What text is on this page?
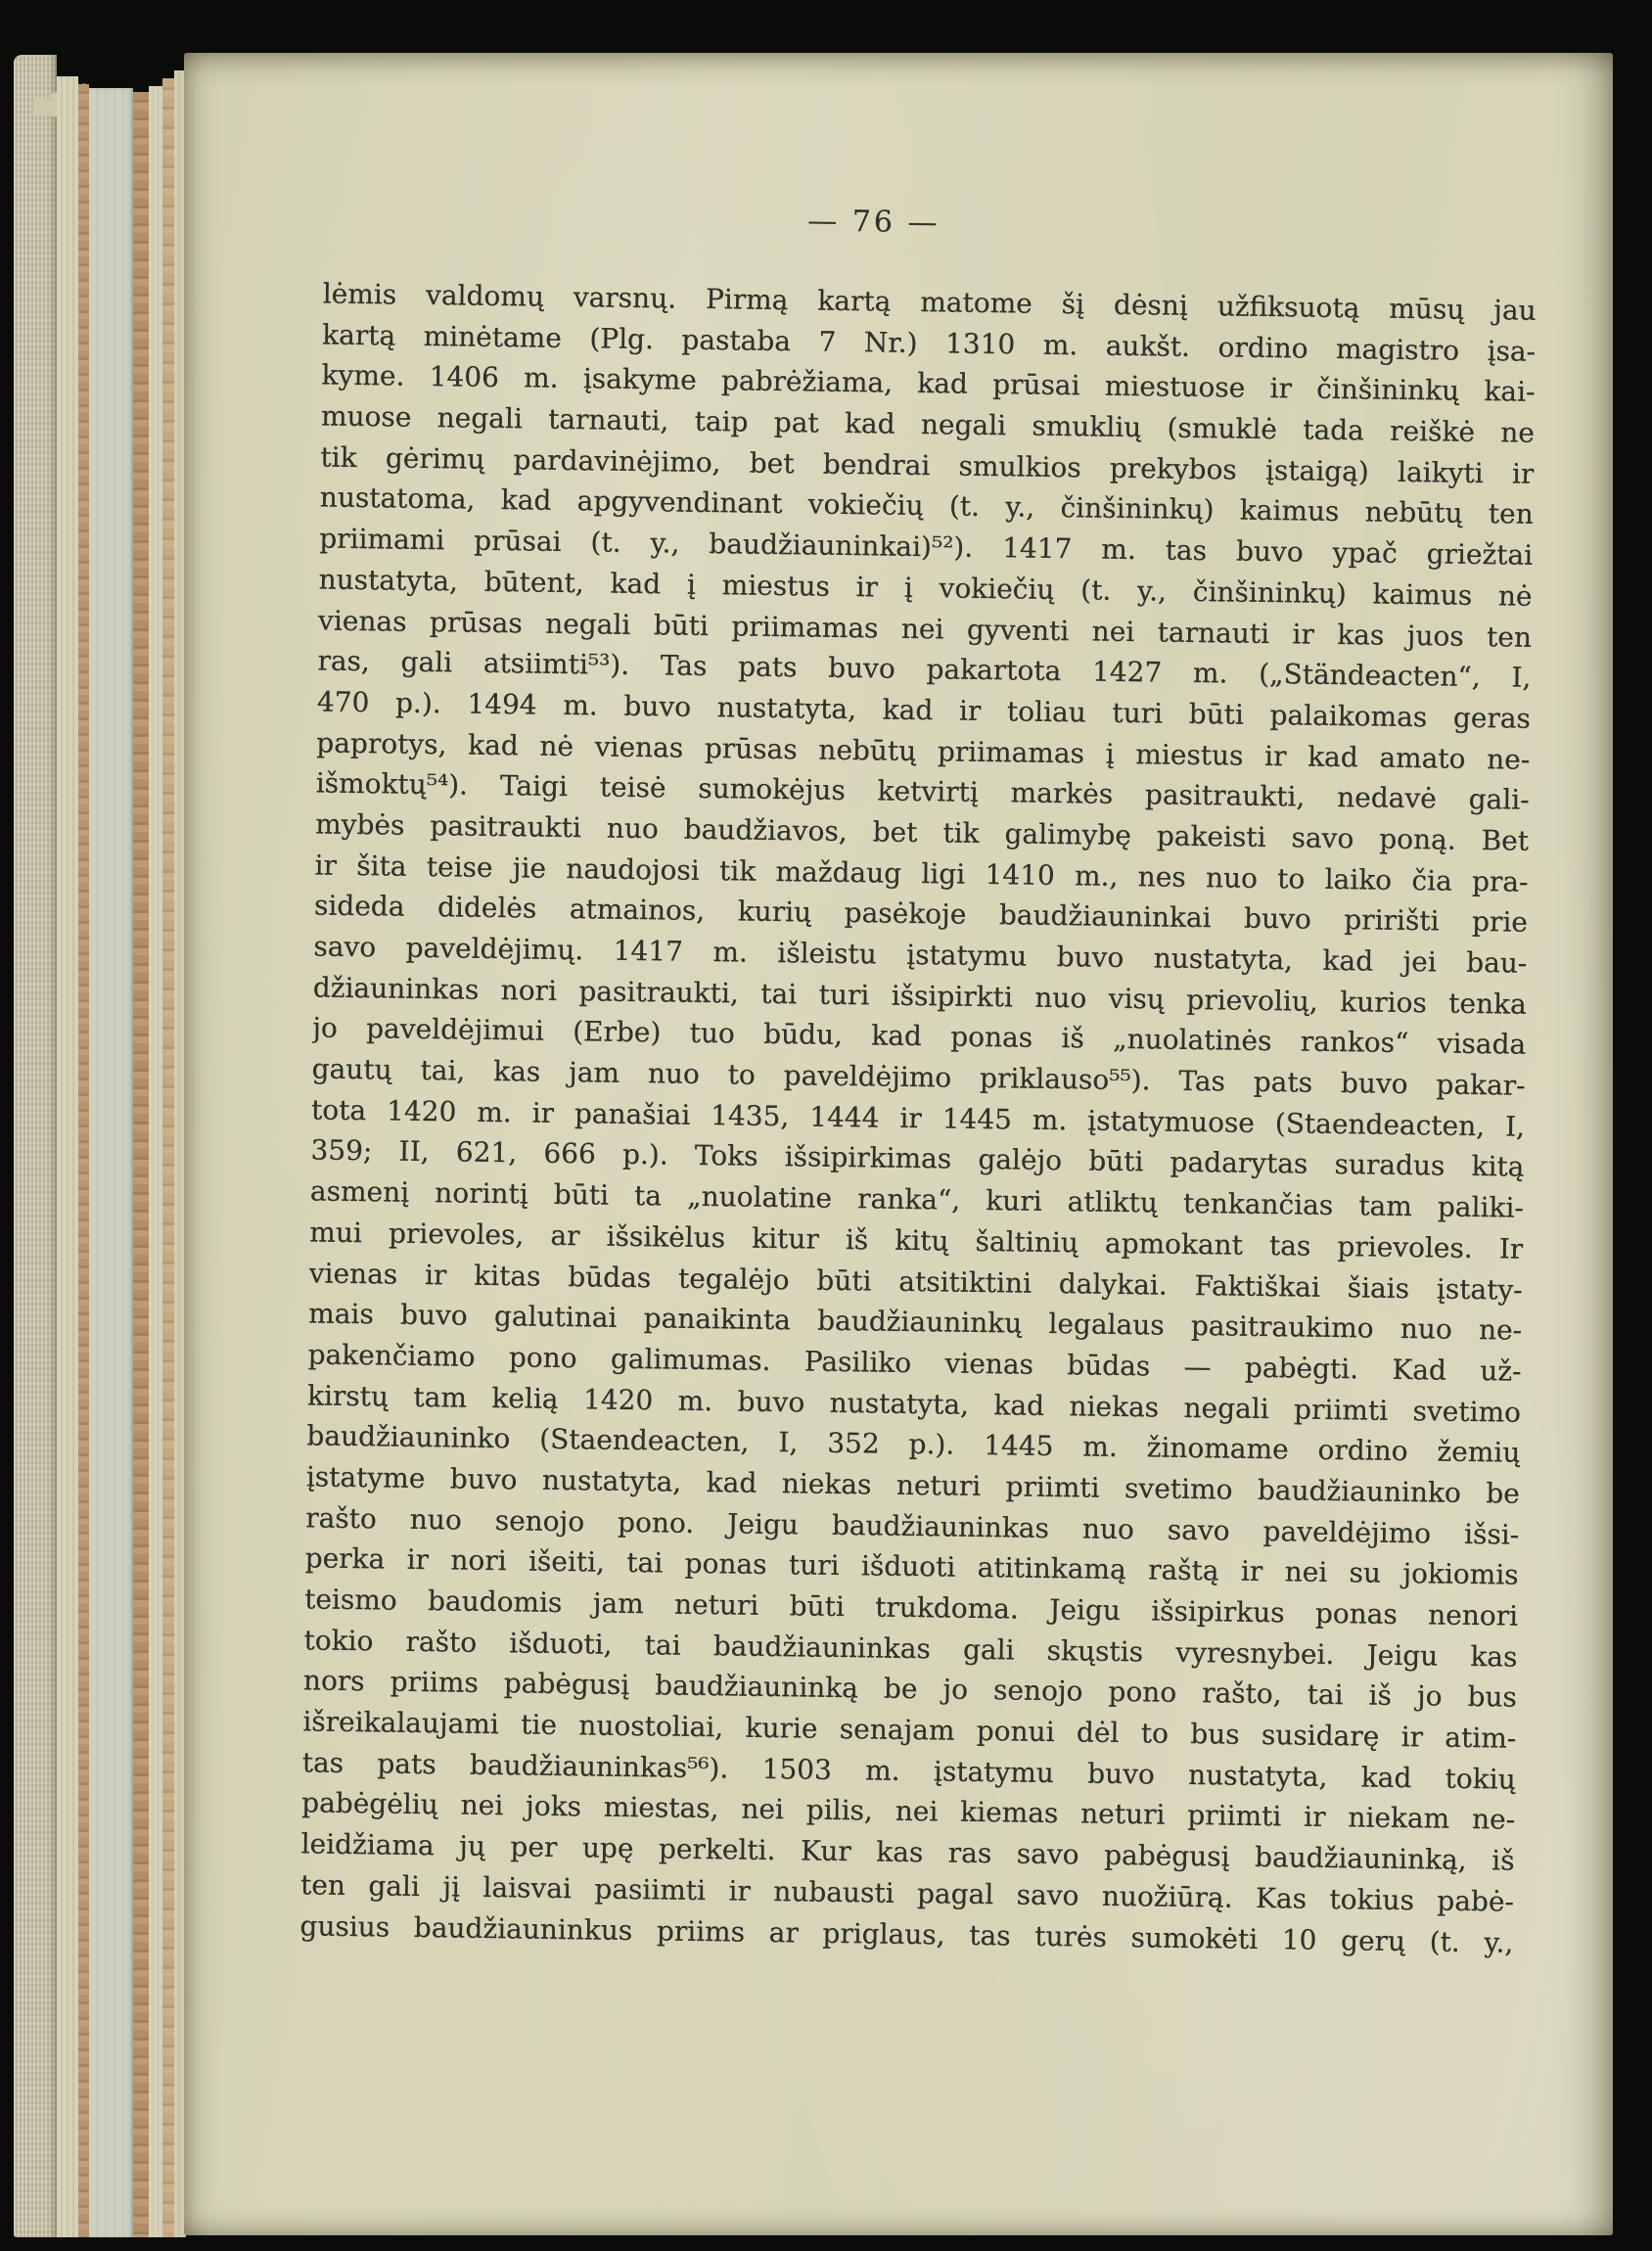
— 76 —
lėmis valdomų varsnų. Pirmą kartą matome šį dėsnį užfiksuotą mūsų jau
kartą minėtame (Plg. pastaba 7 Nr.) 1310 m. aukšt. ordino magistro įsa-
kyme. 1406 m. įsakyme pabrėžiama, kad prūsai miestuose ir činšininkų kai-
muose negali tarnauti, taip pat kad negali smuklių (smuklė tada reiškė ne
tik gėrimų pardavinėjimo, bet bendrai smulkios prekybos įstaigą) laikyti ir
nustatoma, kad apgyvendinant vokiečių (t. y., činšininkų) kaimus nebūtų ten
priimami prūsai (t. y., baudžiauninkai)⁵²). 1417 m. tas buvo ypač griežtai
nustatyta, būtent, kad į miestus ir į vokiečių (t. y., činšininkų) kaimus nė
vienas prūsas negali būti priimamas nei gyventi nei tarnauti ir kas juos ten
ras, gali atsiimti⁵³). Tas pats buvo pakartota 1427 m. („Ständeacten“, I,
470 p.). 1494 m. buvo nustatyta, kad ir toliau turi būti palaikomas geras
paprotys, kad nė vienas prūsas nebūtų priimamas į miestus ir kad amato ne-
išmoktų⁵⁴). Taigi teisė sumokėjus ketvirtį markės pasitraukti, nedavė gali-
mybės pasitraukti nuo baudžiavos, bet tik galimybę pakeisti savo poną. Bet
ir šita teise jie naudojosi tik maždaug ligi 1410 m., nes nuo to laiko čia pra-
sideda didelės atmainos, kurių pasėkoje baudžiauninkai buvo pririšti prie
savo paveldėjimų. 1417 m. išleistu įstatymu buvo nustatyta, kad jei bau-
džiauninkas nori pasitraukti, tai turi išsipirkti nuo visų prievolių, kurios tenka
jo paveldėjimui (Erbe) tuo būdu, kad ponas iš „nuolatinės rankos“ visada
gautų tai, kas jam nuo to paveldėjimo priklauso⁵⁵). Tas pats buvo pakar-
tota 1420 m. ir panašiai 1435, 1444 ir 1445 m. įstatymuose (Staendeacten, I,
359; II, 621, 666 p.). Toks išsipirkimas galėjo būti padarytas suradus kitą
asmenį norintį būti ta „nuolatine ranka“, kuri atliktų tenkančias tam paliki-
mui prievoles, ar išsikėlus kitur iš kitų šaltinių apmokant tas prievoles. Ir
vienas ir kitas būdas tegalėjo būti atsitiktini dalykai. Faktiškai šiais įstaty-
mais buvo galutinai panaikinta baudžiauninkų legalaus pasitraukimo nuo ne-
pakenčiamo pono galimumas. Pasiliko vienas būdas — pabėgti. Kad už-
kirstų tam kelią 1420 m. buvo nustatyta, kad niekas negali priimti svetimo
baudžiauninko (Staendeacten, I, 352 p.). 1445 m. žinomame ordino žemių
įstatyme buvo nustatyta, kad niekas neturi priimti svetimo baudžiauninko be
rašto nuo senojo pono. Jeigu baudžiauninkas nuo savo paveldėjimo išsi-
perka ir nori išeiti, tai ponas turi išduoti atitinkamą raštą ir nei su jokiomis
teismo baudomis jam neturi būti trukdoma. Jeigu išsipirkus ponas nenori
tokio rašto išduoti, tai baudžiauninkas gali skųstis vyresnybei. Jeigu kas
nors priims pabėgusį baudžiauninką be jo senojo pono rašto, tai iš jo bus
išreikalaujami tie nuostoliai, kurie senajam ponui dėl to bus susidarę ir atim-
tas pats baudžiauninkas⁵⁶). 1503 m. įstatymu buvo nustatyta, kad tokių
pabėgėlių nei joks miestas, nei pilis, nei kiemas neturi priimti ir niekam ne-
leidžiama jų per upę perkelti. Kur kas ras savo pabėgusį baudžiauninką, iš
ten gali jį laisvai pasiimti ir nubausti pagal savo nuožiūrą. Kas tokius pabė-
gusius baudžiauninkus priims ar priglaus, tas turės sumokėti 10 gerų (t. y.,
